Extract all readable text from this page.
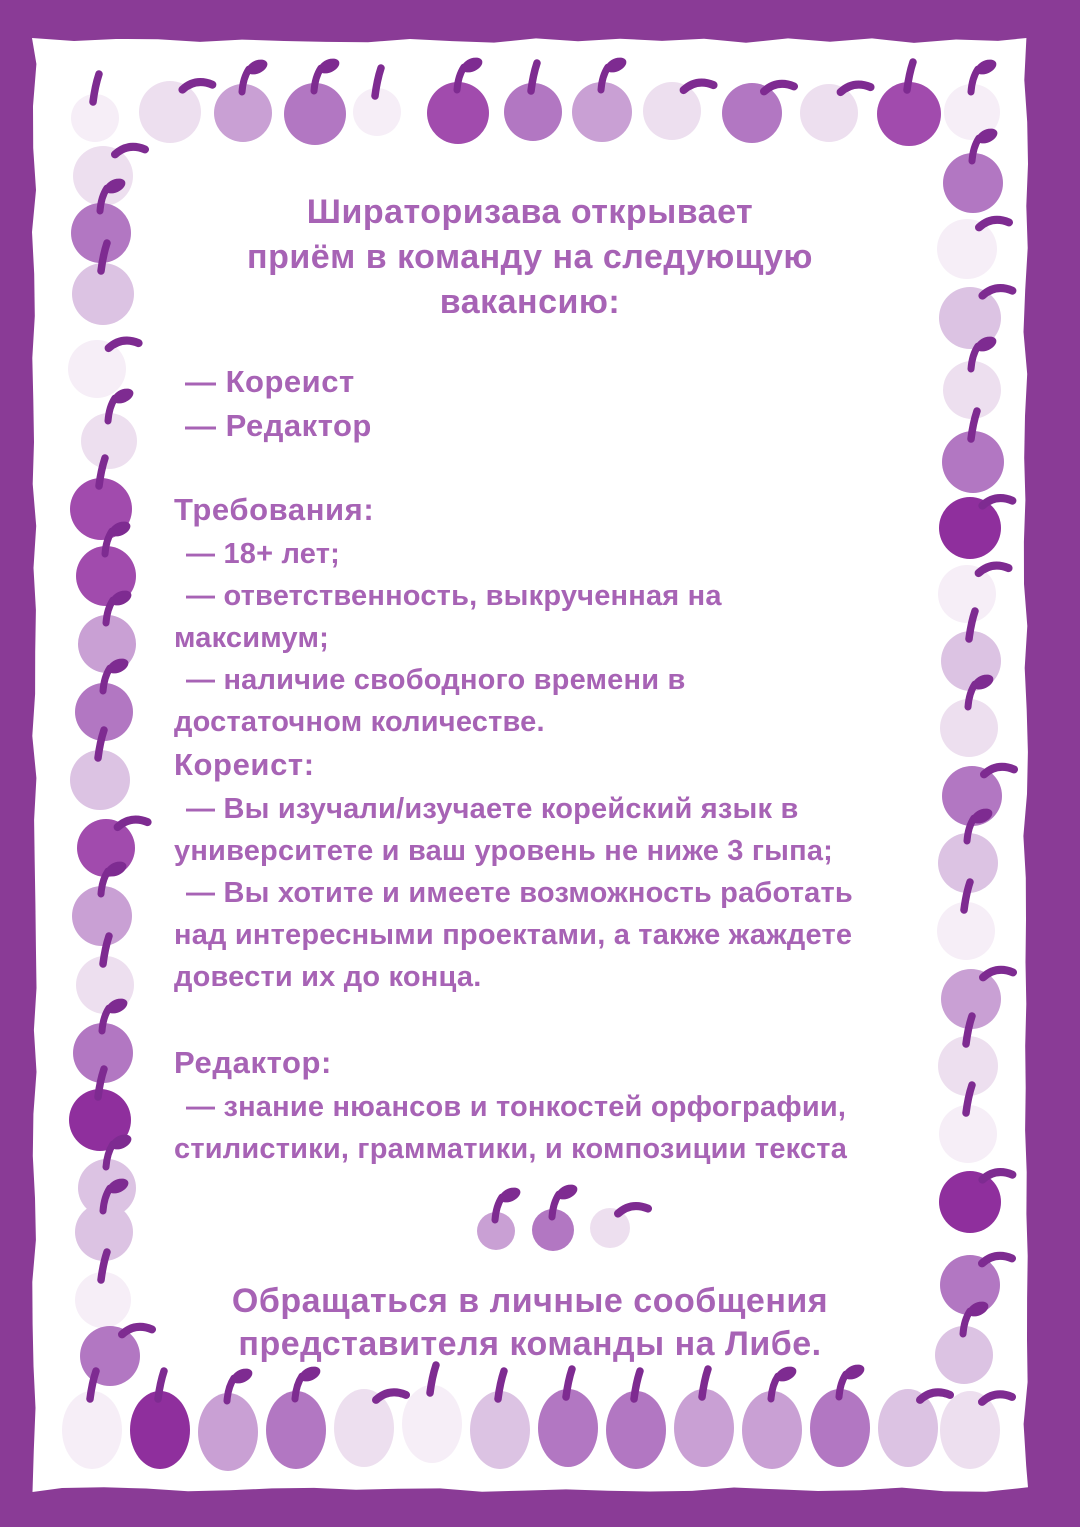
Шираторизава открывает
приём в команду на следующую
вакансию:
— Кореист
— Редактор
Требования:
— 18+ лет;
— ответственность, выкрученная на максимум;
— наличие свободного времени в достаточном количестве.
Кореист:
— Вы изучали/изучаете корейский язык в университете и ваш уровень не ниже 3 гыпа;
— Вы хотите и имеете возможность работать над интересными проектами, а также жаждете довести их до конца.
Редактор:
— знание нюансов и тонкостей орфографии, стилистики, грамматики, и композиции текста
Обращаться в личные сообщения
представителя команды на Либе.
